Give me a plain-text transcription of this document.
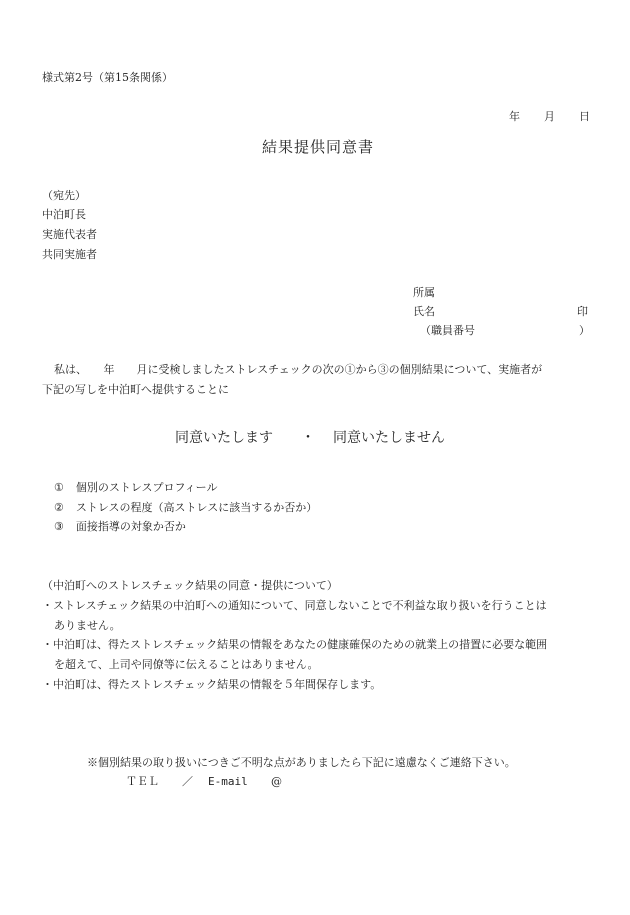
様式第2号（第15条関係）
年 月 日
結果提供同意書
（宛先）
中泊町長
実施代表者
共同実施者
所属
氏名	印
（職員番号	）
私は、　　年　　月に受検しましたストレスチェックの次の①から③の個別結果について、実施者が
下記の写しを中泊町へ提供することに
同意いたします ・ 同意いたしません
① 個別のストレスプロフィール
② ストレスの程度（高ストレスに該当するか否か）
③ 面接指導の対象か否か
（中泊町へのストレスチェック結果の同意・提供について）
・ストレスチェック結果の中泊町への通知について、同意しないことで不利益な取り扱いを行うことは
ありません。
・中泊町は、得たストレスチェック結果の情報をあなたの健康確保のための就業上の措置に必要な範囲
を超えて、上司や同僚等に伝えることはありません。
・中泊町は、得たストレスチェック結果の情報を５年間保存します。
※個別結果の取り扱いにつきご不明な点がありましたら下記に遠慮なくご連絡下さい。
ＴＥＬ ／ E-mail @
